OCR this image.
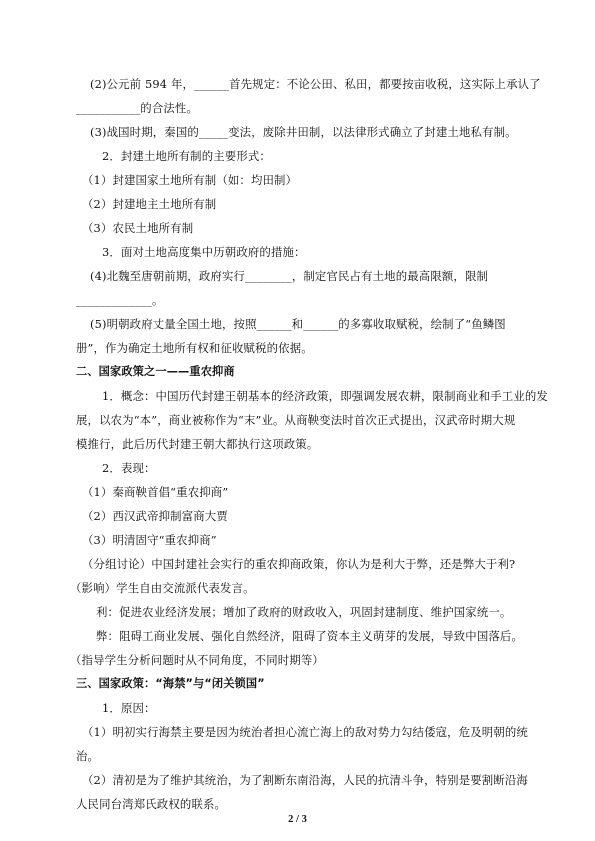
(2)公元前 594 年，______首先规定：不论公田、私田，都要按亩收税，这实际上承认了
___________的合法性。
(3)战国时期，秦国的_____变法，废除井田制，以法律形式确立了封建土地私有制。
2．封建土地所有制的主要形式：
（1）封建国家土地所有制（如：均田制）
（2）封建地主土地所有制
（3）农民土地所有制
3．面对土地高度集中历朝政府的措施：
(4)北魏至唐朝前期，政府实行________，制定官民占有土地的最高限额，限制
_____________。
(5)明朝政府丈量全国土地，按照______和______的多寡收取赋税，绘制了“鱼鳞图
册”，作为确定土地所有权和征收赋税的依据。
二、国家政策之一——重农抑商
1．概念：中国历代封建王朝基本的经济政策，即强调发展农耕，限制商业和手工业的发
展，以农为“本”，商业被称作为“末”业。从商鞅变法时首次正式提出，汉武帝时期大规
模推行，此后历代封建王朝大都执行这项政策。
2．表现：
（1）秦商鞅首倡“重农抑商”
（2）西汉武帝抑制富商大贾
（3）明清固守“重农抑商”
（分组讨论）中国封建社会实行的重农抑商政策，你认为是利大于弊，还是弊大于利?
（影响）学生自由交流派代表发言。
利：促进农业经济发展；增加了政府的财政收入，巩固封建制度、维护国家统一。
弊：阻碍工商业发展、强化自然经济，阻碍了资本主义萌芽的发展，导致中国落后。
（指导学生分析问题时从不同角度，不同时期等）
三、国家政策：“海禁”与“闭关锁国”
1．原因：
（1）明初实行海禁主要是因为统治者担心流亡海上的敌对势力勾结倭寇，危及明朝的统
治。
（2）清初是为了维护其统治，为了割断东南沿海，人民的抗清斗争，特别是要割断沿海
人民同台湾郑氏政权的联系。
2 / 3
